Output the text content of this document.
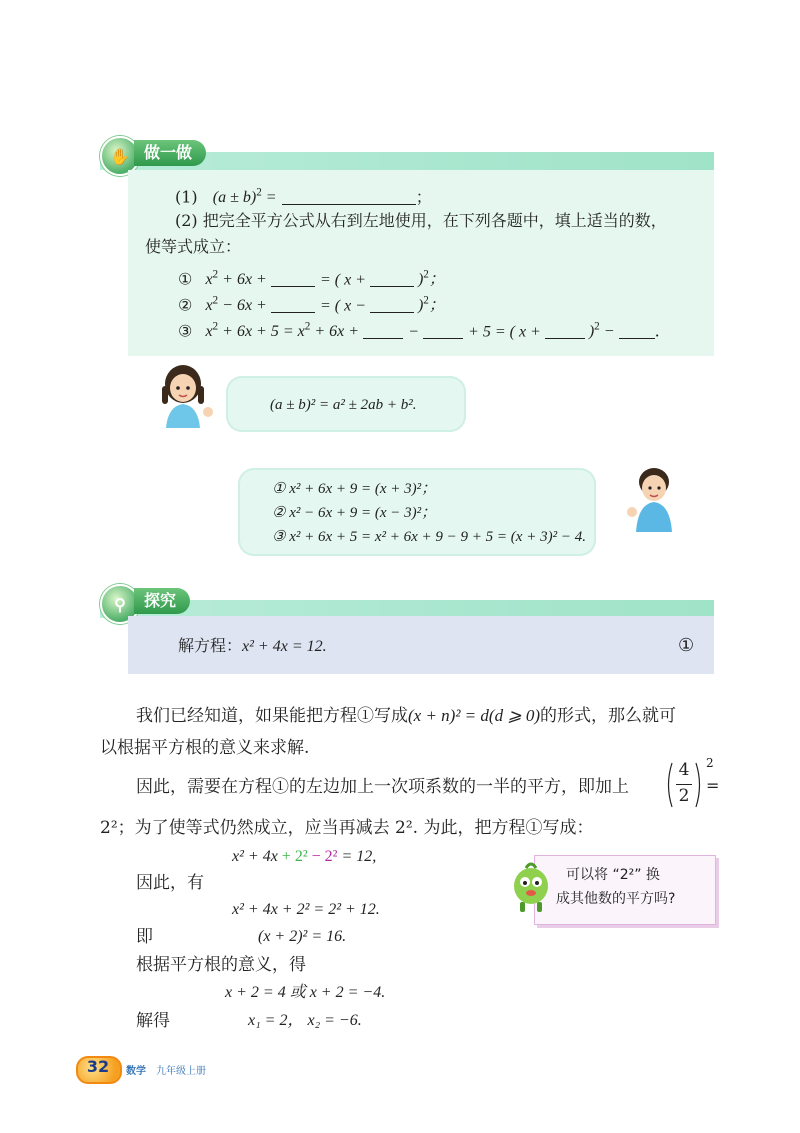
✋ 做一做
(1) $(a \pm b)^2$ =	；
(2) 把完全平方公式从右到左地使用，在下列各题中，填上适当的数，
使等式成立：
① $x^2 + 6x$ +	= ( x +	)$^2$；
② $x^2 - 6x$ +	= ( x −	)$^2$；
③ $x^2 + 6x + 5 = x^2 + 6x$ +	−	+ 5 = ( x +	)$^2$ − .
(a ± b)² = a² ± 2ab + b².
① x² + 6x + 9 = (x + 3)²；
② x² − 6x + 9 = (x − 3)²；
③ x² + 6x + 5 = x² + 6x + 9 − 9 + 5 = (x + 3)² − 4.
⚲	探究
解方程：x² + 4x = 12.	①
我们已经知道，如果能把方程①写成(x + n)² = d(d ⩾ 0)的形式，那么就可
以根据平方根的意义来求解.
因此，需要在方程①的左边加上一次项系数的一半的平方，即加上
4
2
2
=
2²；为了使等式仍然成立，应当再减去 2². 为此，把方程①写成：
x² + 4x + 2² − 2² = 12,
因此，有
x² + 4x + 2² = 2² + 12.
即	(x + 2)² = 16.
根据平方根的意义，得
x + 2 = 4 或 x + 2 = −4.
解得	x₁ = 2， x₂ = −6.
可以将 “2²” 换
成其他数的平方吗?
32	数学 九年级上册
